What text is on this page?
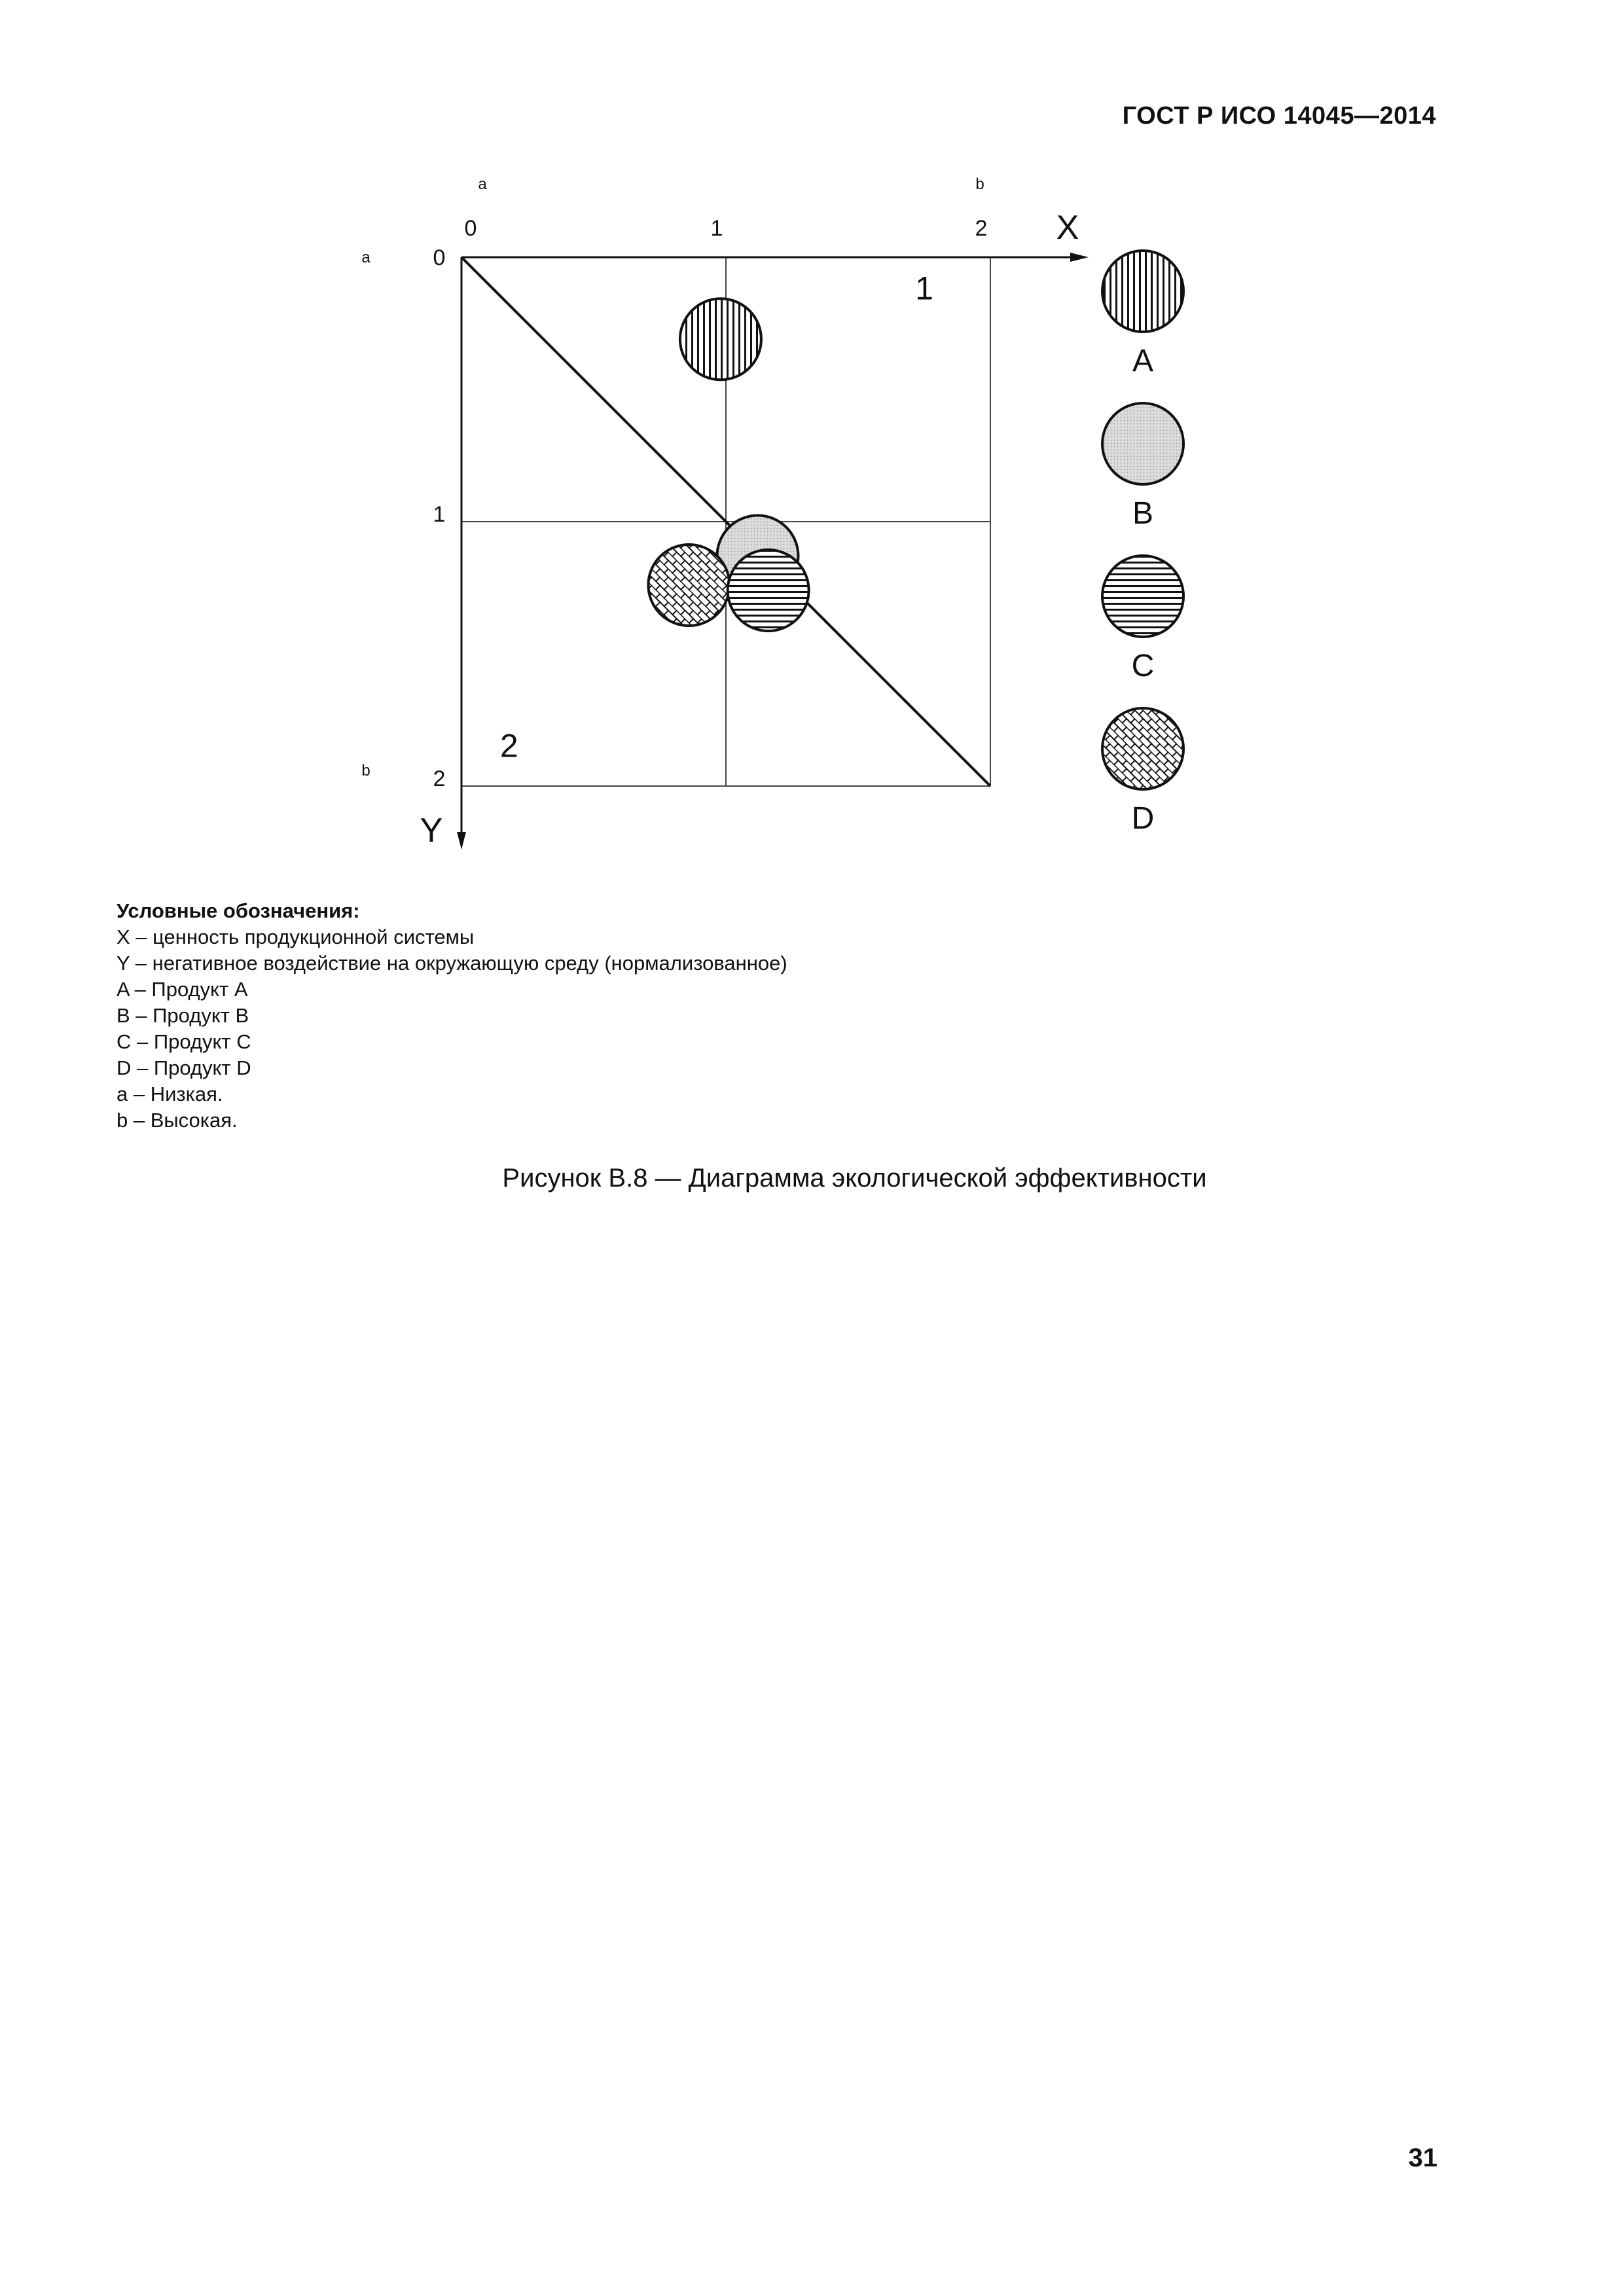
ГОСТ Р ИСО 14045—2014
0	1	2
0
1
2
a	b
a
b
X
Y
1
2
A
B
C
D
Условные обозначения:
X – ценность продукционной системы
Y – негативное воздействие на окружающую среду (нормализованное)
A – Продукт A
B – Продукт B
C – Продукт C
D – Продукт D
a – Низкая.
b – Высокая.
Рисунок В.8 — Диаграмма экологической эффективности
31
